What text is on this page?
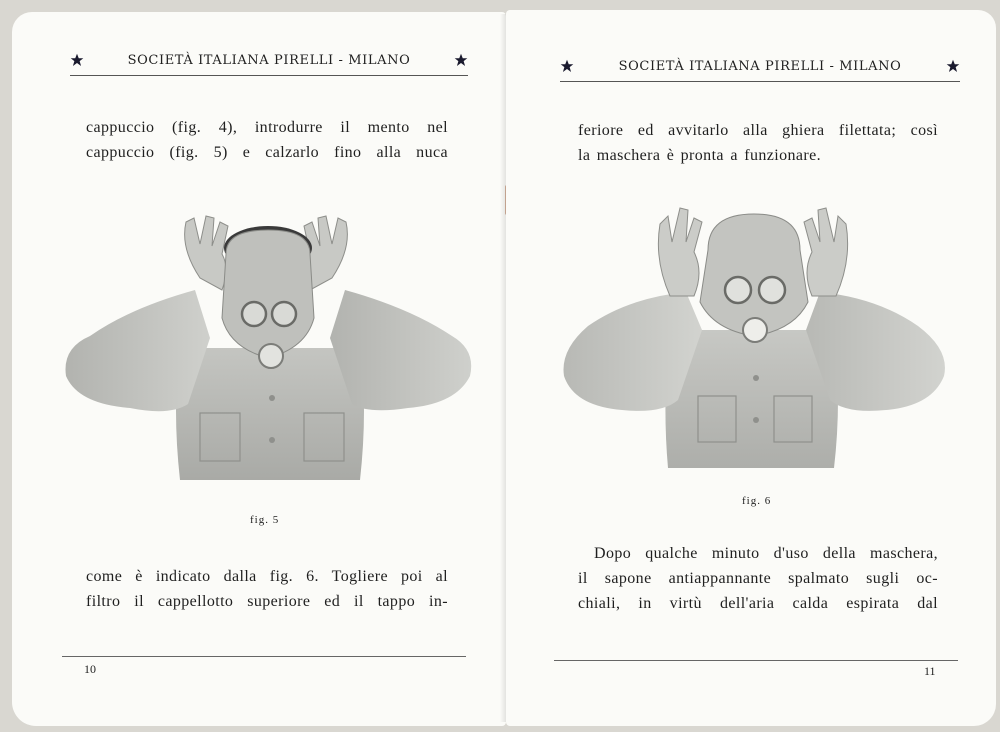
SOCIETÀ ITALIANA PIRELLI - MILANO
cappuccio (fig. 4), introdurre il mento nel
cappuccio (fig. 5) e calzarlo fino alla nuca
fig. 5
come è indicato dalla fig. 6. Togliere poi al
filtro il cappellotto superiore ed il tappo in-
10
SOCIETÀ ITALIANA PIRELLI - MILANO
feriore ed avvitarlo alla ghiera filettata; così
la maschera è pronta a funzionare.
fig. 6
Dopo qualche minuto d'uso della maschera,
il sapone antiappannante spalmato sugli oc-
chiali, in virtù dell'aria calda espirata dal
11
